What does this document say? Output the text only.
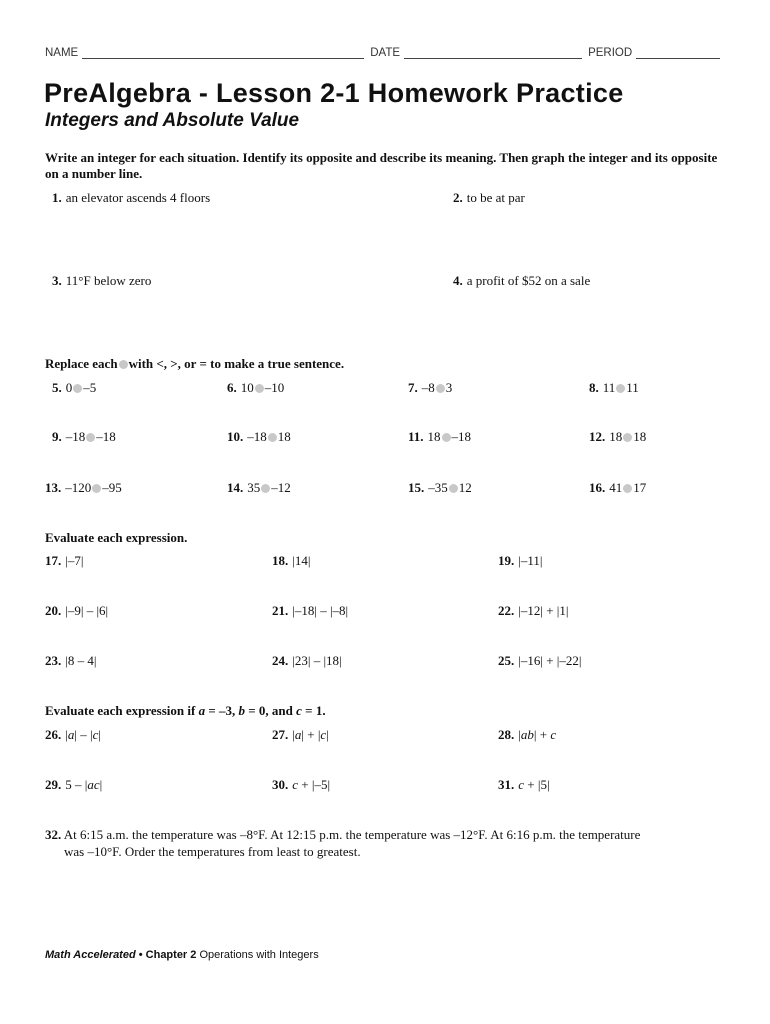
NAME	DATE	PERIOD
PreAlgebra - Lesson 2-1 Homework Practice
Integers and Absolute Value
Write an integer for each situation. Identify its opposite and describe its meaning. Then graph the integer and its opposite on a number line.
1. an elevator ascends 4 floors	2. to be at par
3. 11°F below zero	4. a profit of $52 on a sale
Replace each with <, >, or = to make a true sentence.
5. 0 –5	6. 10 –10	7. –8 3	8. 11 11
9. –18 –18	10. –18 18	11. 18 –18	12. 18 18
13. –120 –95	14. 35 –12	15. –35 12	16. 41 17
Evaluate each expression.
17. |–7|	18. |14|	19. |–11|
20. |–9| – |6|	21. |–18| – |–8|	22. |–12| + |1|
23. |8 – 4|	24. |23| – |18|	25. |–16| + |–22|
Evaluate each expression if a = –3, b = 0, and c = 1.
26. |a| – |c|	27. |a| + |c|	28. |ab| + c
29. 5 – |ac|	30. c + |–5|	31. c + |5|
32. At 6:15 a.m. the temperature was –8°F. At 12:15 p.m. the temperature was –12°F. At 6:16 p.m. the temperature
was –10°F. Order the temperatures from least to greatest.
Math Accelerated • Chapter 2 Operations with Integers
